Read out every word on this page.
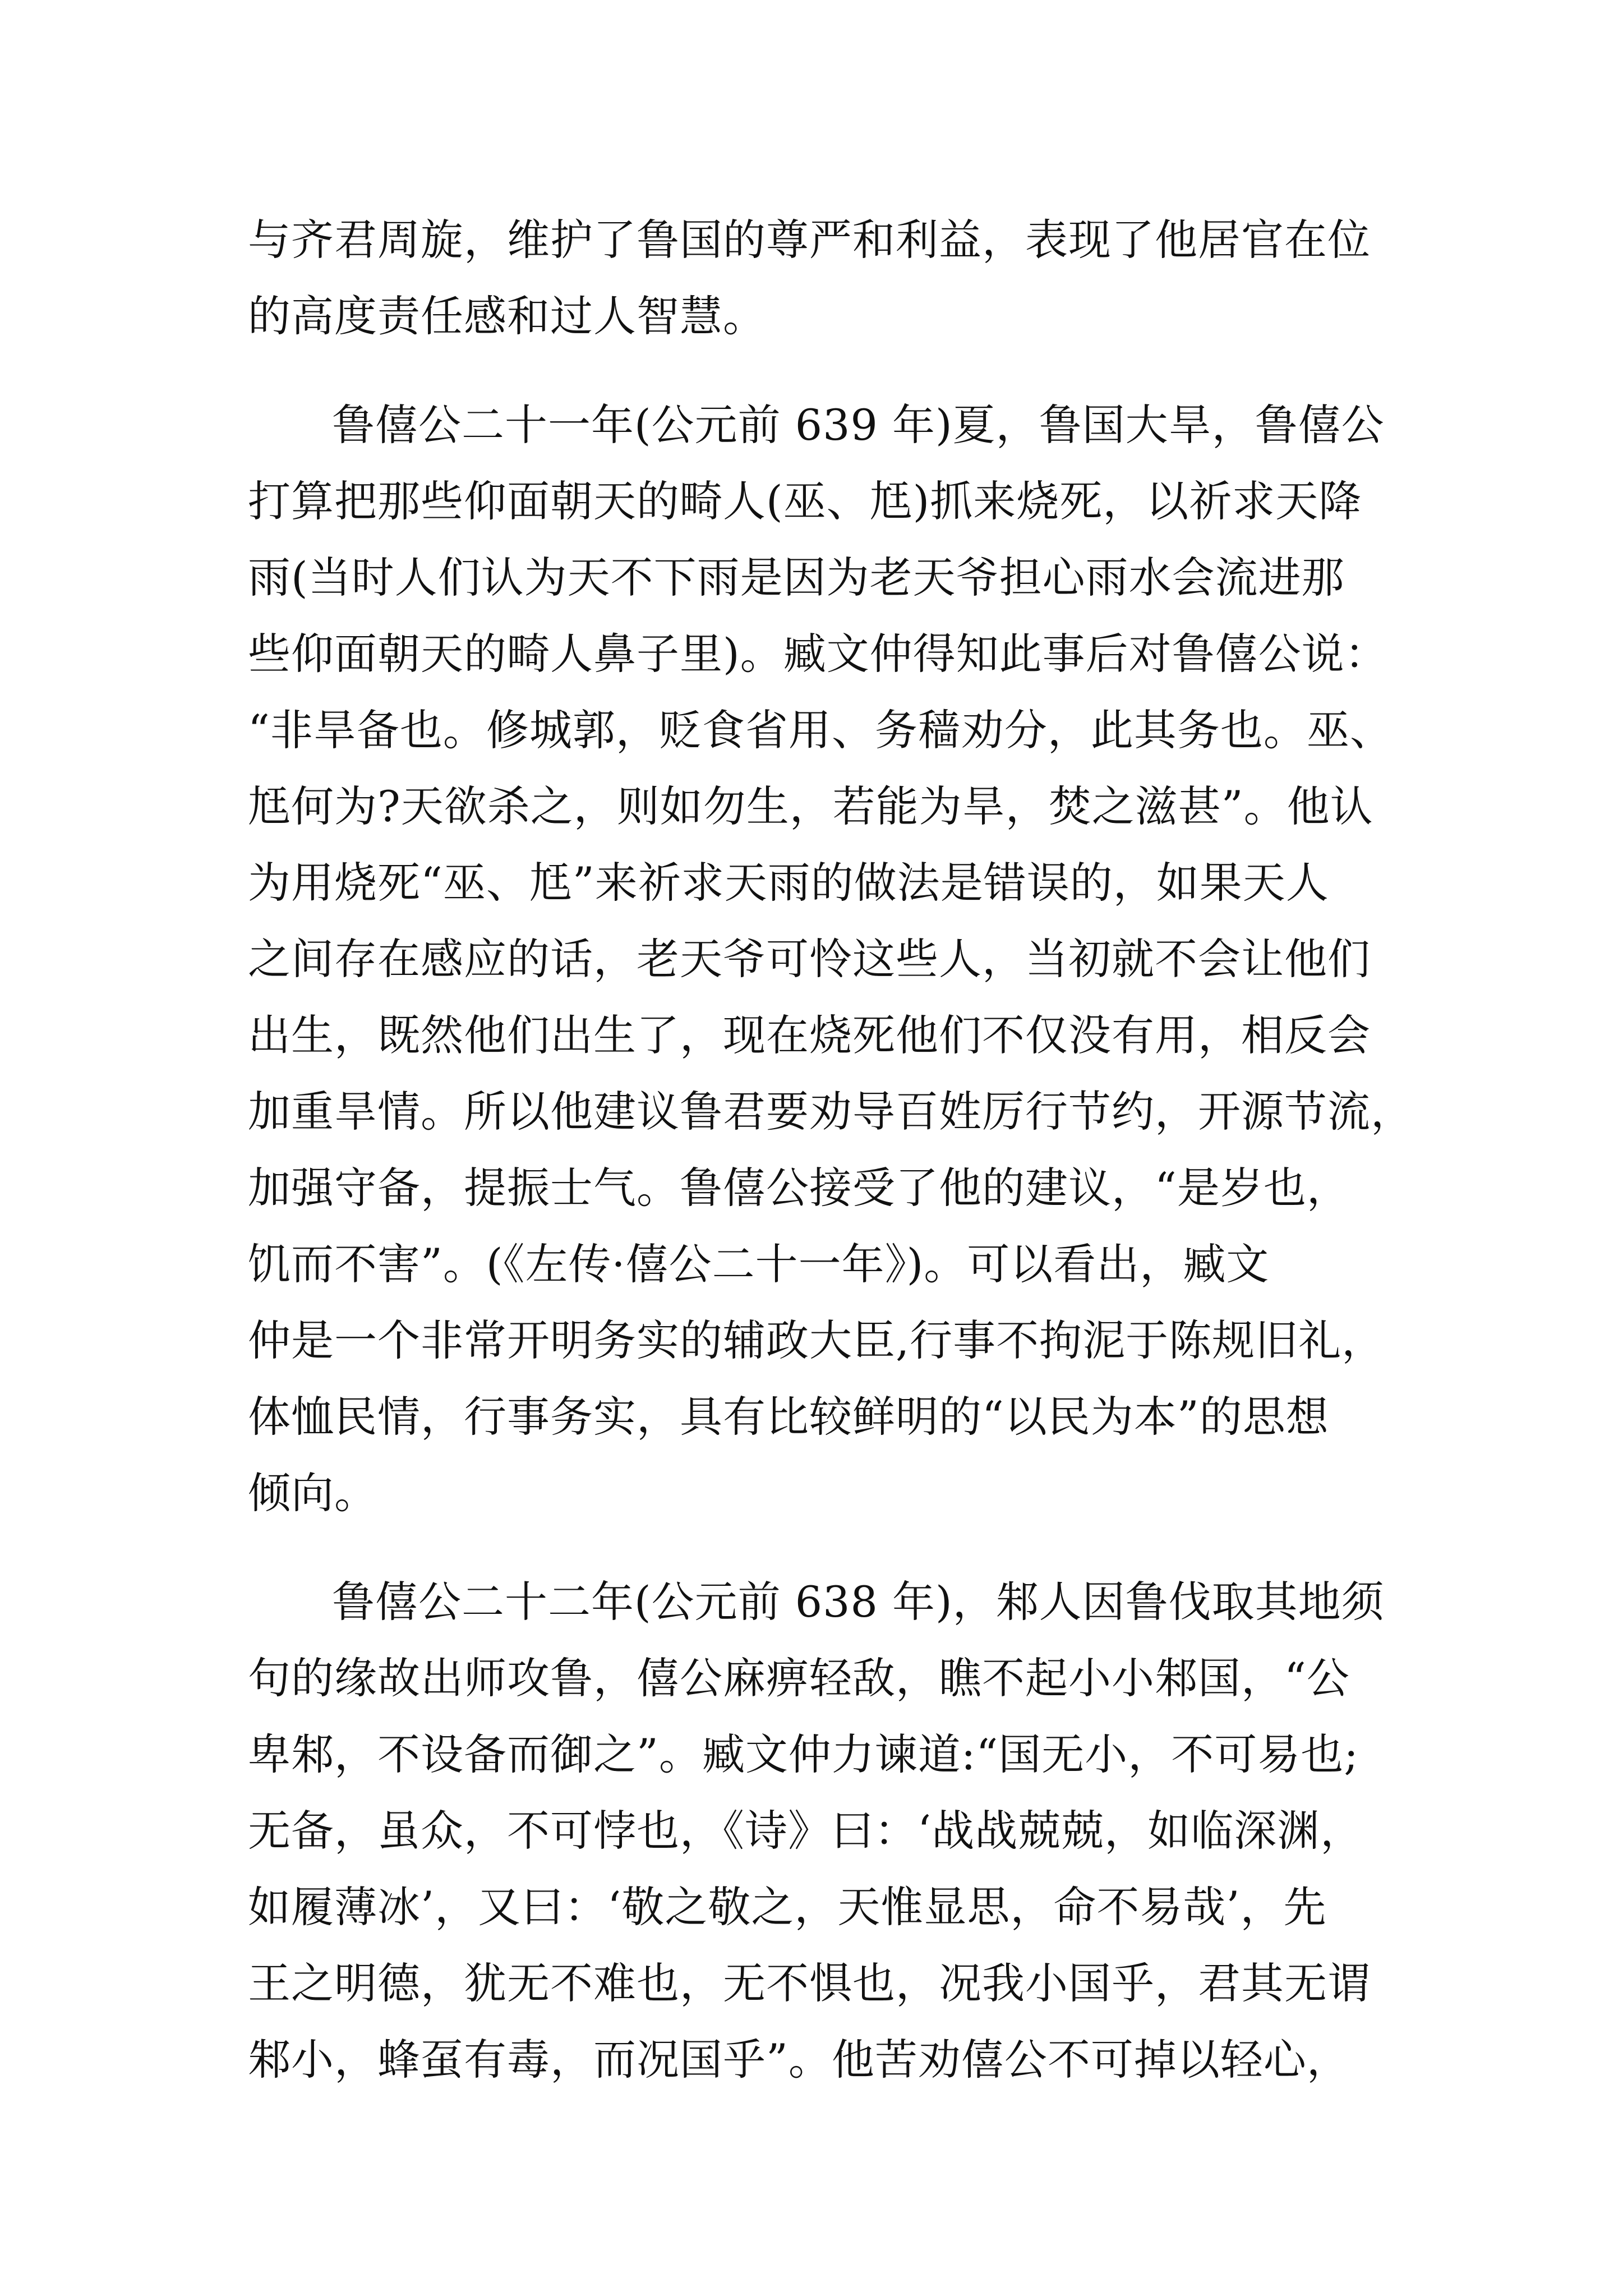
与齐君周旋，维护了鲁国的尊严和利益，表现了他居官在位
的高度责任感和过人智慧。
鲁僖公二十一年(公元前 639 年)夏，鲁国大旱，鲁僖公
打算把那些仰面朝天的畸人(巫、尪)抓来烧死，以祈求天降
雨(当时人们认为天不下雨是因为老天爷担心雨水会流进那
些仰面朝天的畸人鼻子里)。臧文仲得知此事后对鲁僖公说：
“非旱备也。修城郭，贬食省用、务穑劝分，此其务也。巫、
尪何为?天欲杀之，则如勿生，若能为旱，焚之滋甚”。他认
为用烧死“巫、尪”来祈求天雨的做法是错误的，如果天人
之间存在感应的话，老天爷可怜这些人，当初就不会让他们
出生，既然他们出生了，现在烧死他们不仅没有用，相反会
加重旱情。所以他建议鲁君要劝导百姓厉行节约，开源节流，
加强守备，提振士气。鲁僖公接受了他的建议，“是岁也，
饥而不害”。(《左传·僖公二十一年》)。可以看出，臧文
仲是一个非常开明务实的辅政大臣,行事不拘泥于陈规旧礼，
体恤民情，行事务实，具有比较鲜明的“以民为本”的思想
倾向。
鲁僖公二十二年(公元前 638 年)，邾人因鲁伐取其地须
句的缘故出师攻鲁，僖公麻痹轻敌，瞧不起小小邾国，“公
卑邾，不设备而御之”。臧文仲力谏道:“国无小，不可易也;
无备，虽众，不可悖也，《诗》曰：‘战战兢兢，如临深渊，
如履薄冰’，又曰：‘敬之敬之，天惟显思，命不易哉’，先
王之明德，犹无不难也，无不惧也，况我小国乎，君其无谓
邾小，蜂虿有毒，而况国乎”。他苦劝僖公不可掉以轻心，
